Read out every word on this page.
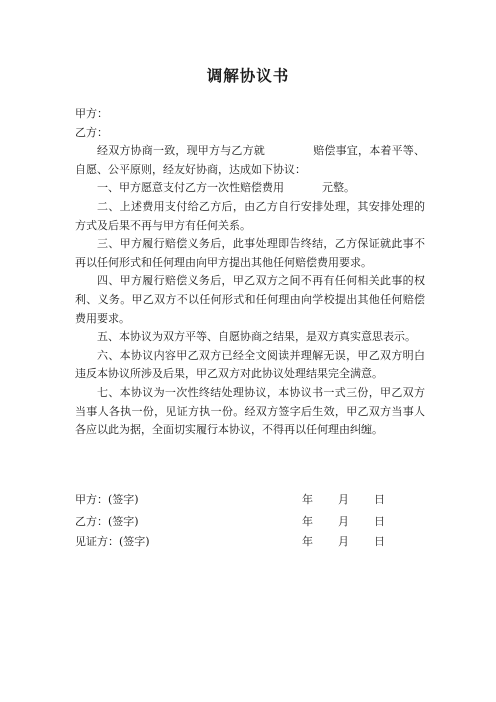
调解协议书

甲方：

乙方：

经双方协商一致，现甲方与乙方就	赔偿事宜，本着平等、自愿、公平原则，经友好协商，达成如下协议：

一、甲方愿意支付乙方一次性赔偿费用	元整。

二、上述费用支付给乙方后，由乙方自行安排处理，其安排处理的方式及后果不再与甲方有任何关系。

三、甲方履行赔偿义务后，此事处理即告终结，乙方保证就此事不再以任何形式和任何理由向甲方提出其他任何赔偿费用要求。

四、甲方履行赔偿义务后，甲乙双方之间不再有任何相关此事的权利、义务。甲乙双方不以任何形式和任何理由向学校提出其他任何赔偿费用要求。

五、本协议为双方平等、自愿协商之结果，是双方真实意思表示。

六、本协议内容甲乙双方已经全文阅读并理解无误，甲乙双方明白违反本协议所涉及后果，甲乙双方对此协议处理结果完全满意。

七、本协议为一次性终结处理协议，本协议书一式三份，甲乙双方当事人各执一份，见证方执一份。经双方签字后生效，甲乙双方当事人各应以此为据，全面切实履行本协议，不得再以任何理由纠缠。

甲方：(签字)	年 月 日
乙方：(签字)	年 月 日
见证方：(签字)	年 月 日
